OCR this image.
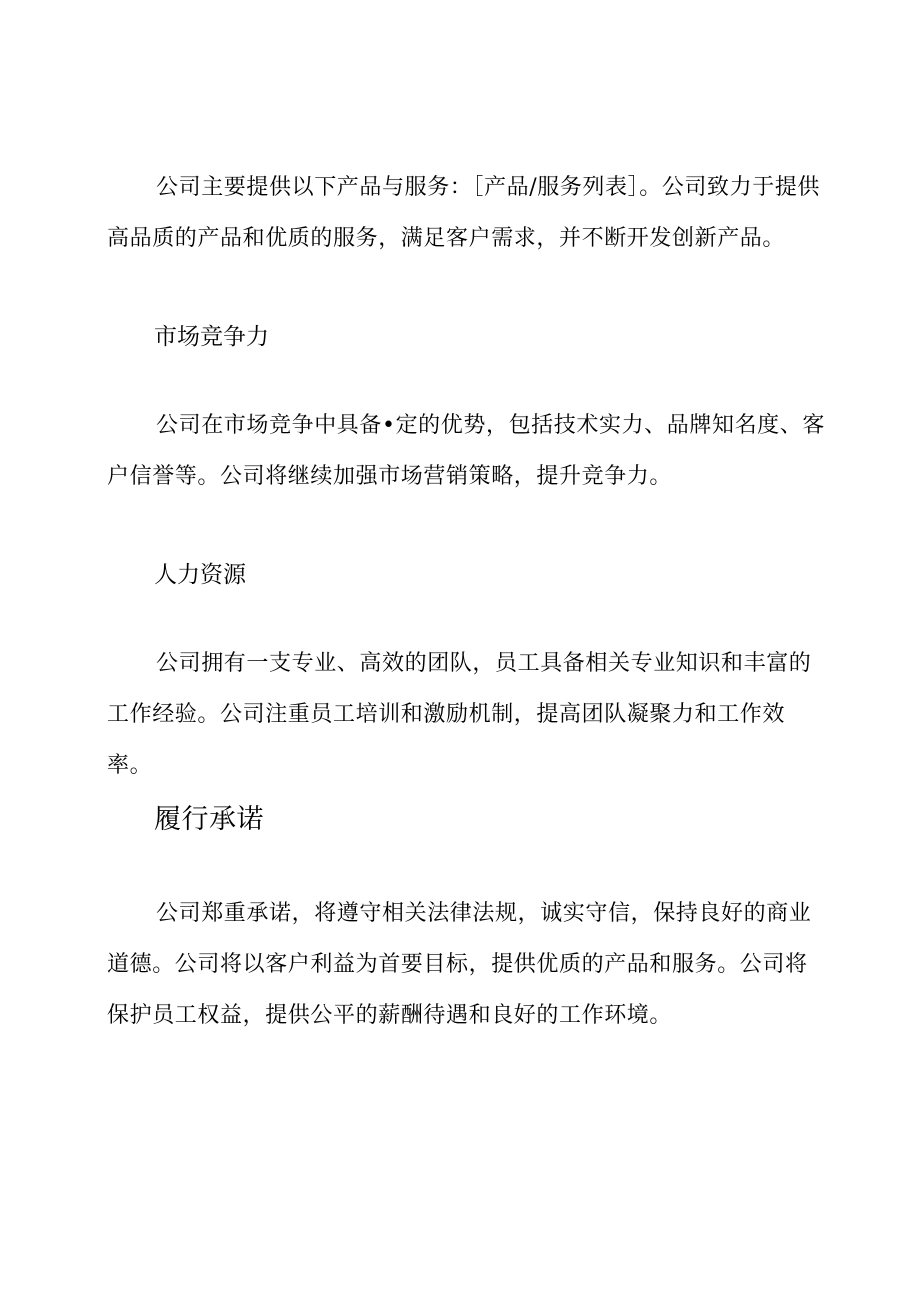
公司主要提供以下产品与服务：［产品/服务列表］。公司致力于提供高品质的产品和优质的服务，满足客户需求，并不断开发创新产品。

市场竞争力

公司在市场竞争中具备•定的优势，包括技术实力、品牌知名度、客户信誉等。公司将继续加强市场营销策略，提升竞争力。

人力资源

公司拥有一支专业、高效的团队，员工具备相关专业知识和丰富的工作经验。公司注重员工培训和激励机制，提高团队凝聚力和工作效率。

履行承诺

公司郑重承诺，将遵守相关法律法规，诚实守信，保持良好的商业道德。公司将以客户利益为首要目标，提供优质的产品和服务。公司将保护员工权益，提供公平的薪酬待遇和良好的工作环境。
